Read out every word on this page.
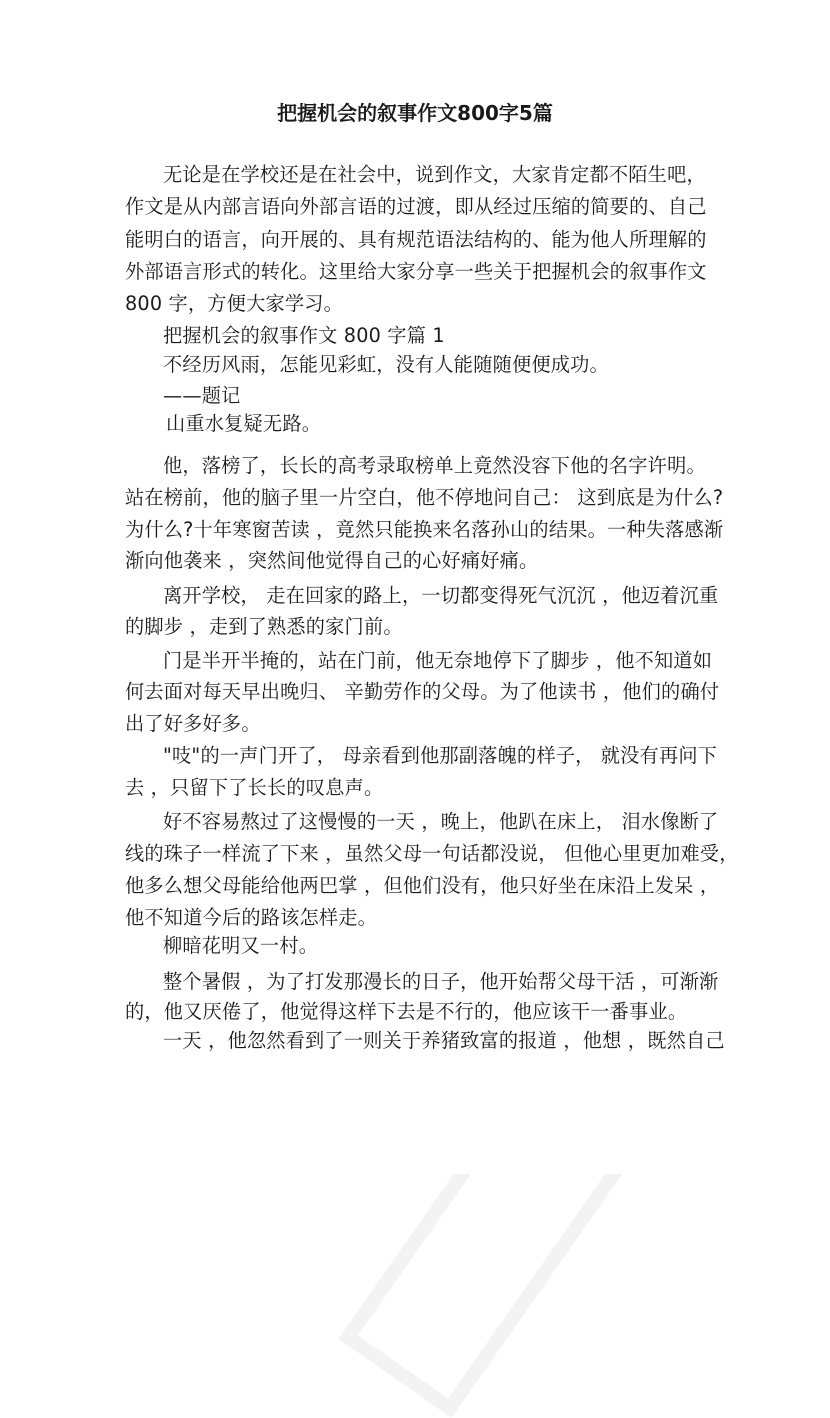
把握机会的叙事作文800字5篇
无论是在学校还是在社会中，说到作文，大家肯定都不陌生吧，
作文是从内部言语向外部言语的过渡，即从经过压缩的简要的、自己
能明白的语言，向开展的、具有规范语法结构的、能为他人所理解的
外部语言形式的转化。这里给大家分享一些关于把握机会的叙事作文
800 字，方便大家学习。
把握机会的叙事作文 800 字篇 1
不经历风雨，怎能见彩虹，没有人能随随便便成功。
——题记
山重水复疑无路。
他，落榜了，长长的高考录取榜单上竟然没容下他的名字许明。
站在榜前，他的脑子里一片空白，他不停地问自己： 这到底是为什么?
为什么?十年寒窗苦读 ，竟然只能换来名落孙山的结果。一种失落感渐
渐向他袭来 ，突然间他觉得自己的心好痛好痛。
离开学校， 走在回家的路上，一切都变得死气沉沉 ，他迈着沉重
的脚步 ，走到了熟悉的家门前。
门是半开半掩的，站在门前，他无奈地停下了脚步 ，他不知道如
何去面对每天早出晚归、 辛勤劳作的父母。为了他读书 ，他们的确付
出了好多好多。
"吱"的一声门开了， 母亲看到他那副落魄的样子， 就没有再问下
去 ，只留下了长长的叹息声。
好不容易熬过了这慢慢的一天 ，晚上，他趴在床上， 泪水像断了
线的珠子一样流了下来 ，虽然父母一句话都没说， 但他心里更加难受，
他多么想父母能给他两巴掌 ，但他们没有，他只好坐在床沿上发呆 ，
他不知道今后的路该怎样走。
柳暗花明又一村。
整个暑假 ，为了打发那漫长的日子，他开始帮父母干活 ，可渐渐
的，他又厌倦了，他觉得这样下去是不行的，他应该干一番事业。
一天 ，他忽然看到了一则关于养猪致富的报道 ，他想 ，既然自己
